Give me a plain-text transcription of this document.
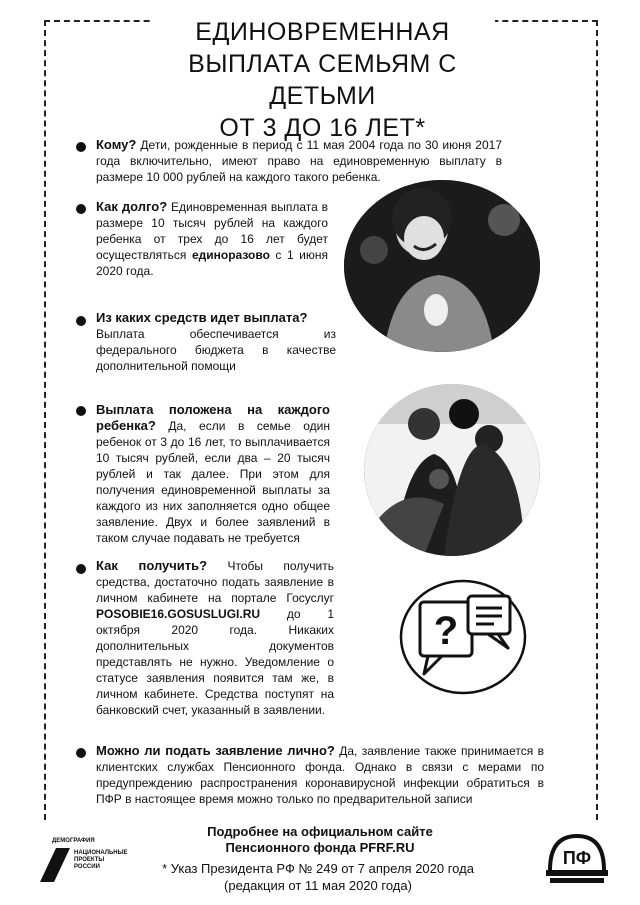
ЕДИНОВРЕМЕННАЯ
ВЫПЛАТА СЕМЬЯМ С ДЕТЬМИ
ОТ 3 ДО 16 ЛЕТ*
Кому? Дети, рожденные в период с 11 мая 2004 года по 30 июня 2017 года включительно, имеют право на единовременную выплату в размере 10 000 рублей на каждого такого ребенка.
Как долго? Единовременная выплата в размере 10 тысяч рублей на каждого ребенка от трех до 16 лет будет осуществляться единоразово с 1 июня 2020 года.
Из каких средств идет выплата?
Выплата обеспечивается из федерального бюджета в качестве дополнительной помощи
Выплата положена на каждого ребенка? Да, если в семье один ребенок от 3 до 16 лет, то выплачивается 10 тысяч рублей, если два – 20 тысяч рублей и так далее. При этом для получения единовременной выплаты за каждого из них заполняется одно общее заявление. Двух и более заявлений в таком случае подавать не требуется
Как получить? Чтобы получить средства, достаточно подать заявление в личном кабинете на портале Госуслуг POSOBIE16.GOSUSLUGI.RU до 1 октября 2020 года. Никаких дополнительных документов представлять не нужно. Уведомление о статусе заявления появится там же, в личном кабинете. Средства поступят на банковский счет, указанный в заявлении.
?
Можно ли подать заявление лично? Да, заявление также принимается в клиентских службах Пенсионного фонда. Однако в связи с мерами по предупреждению распространения коронавирусной инфекции обратиться в ПФР в настоящее время можно только по предварительной записи
ДЕМОГРАФИЯ
НАЦИОНАЛЬНЫЕ
ПРОЕКТЫ
РОССИИ
Подробнее на официальном сайте
Пенсионного фонда PFRF.RU
* Указ Президента РФ № 249 от 7 апреля 2020 года
(редакция от 11 мая 2020 года)
ПФ
